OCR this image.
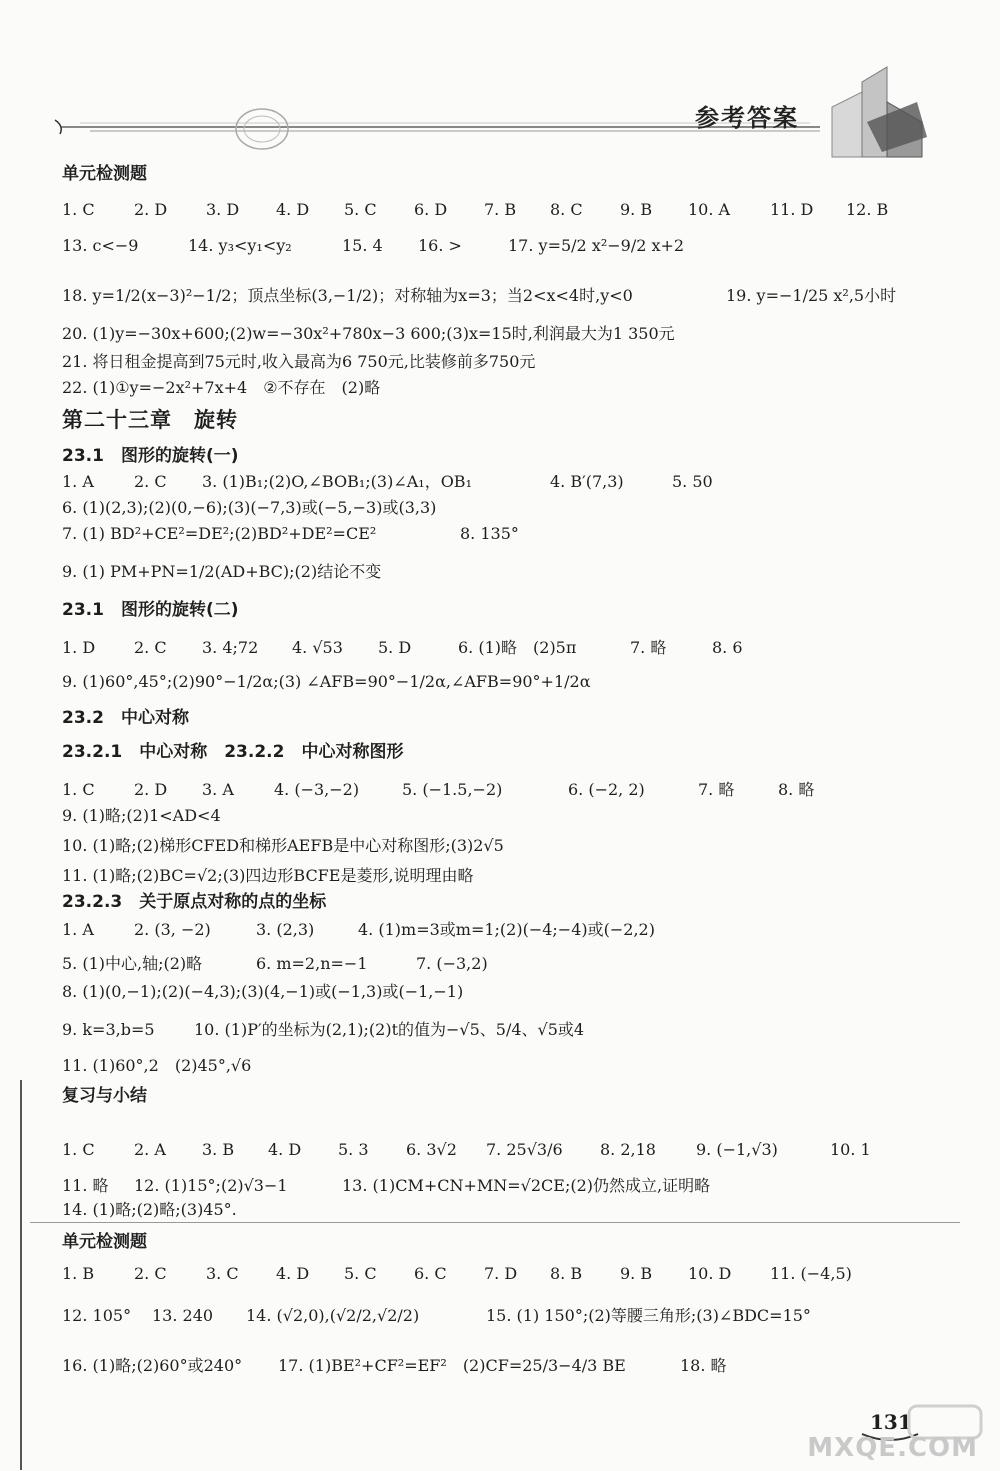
参考答案
单元检测题
1. C 2. D 3. D 4. D 5. C 6. D 7. B 8. C 9. B 10. A 11. D 12. B
13. c<−9	14. y₃<y₁<y₂	15. 4 16. >	17. y=5/2 x²−9/2 x+2
18. y=1/2(x−3)²−1/2；顶点坐标(3,−1/2)；对称轴为x=3；当2<x<4时,y<0	19. y=−1/25 x²,5小时
20. (1)y=−30x+600;(2)w=−30x²+780x−3 600;(3)x=15时,利润最大为1 350元
21. 将日租金提高到75元时,收入最高为6 750元,比装修前多750元
22. (1)①y=−2x²+7x+4　②不存在　(2)略
第二十三章　旋转
23.1　图形的旋转(一)
1. A	2. C 3. (1)B₁;(2)O,∠BOB₁;(3)∠A₁，OB₁	4. B′(7,3)	5. 50
6. (1)(2,3);(2)(0,−6);(3)(−7,3)或(−5,−3)或(3,3)
7. (1) BD²+CE²=DE²;(2)BD²+DE²=CE²	8. 135°
9. (1) PM+PN=1/2(AD+BC);(2)结论不变
23.1　图形的旋转(二)
1. D 2. C 3. 4;72 4. √53 5. D	6. (1)略　(2)5π	7. 略	8. 6
9. (1)60°,45°;(2)90°−1/2α;(3) ∠AFB=90°−1/2α,∠AFB=90°+1/2α
23.2　中心对称
23.2.1　中心对称　23.2.2　中心对称图形
1. C 2. D 3. A	4. (−3,−2)	5. (−1.5,−2)	6. (−2, 2)	7. 略	8. 略
9. (1)略;(2)1<AD<4
10. (1)略;(2)梯形CFED和梯形AEFB是中心对称图形;(3)2√5
11. (1)略;(2)BC=√2;(3)四边形BCFE是菱形,说明理由略
23.2.3　关于原点对称的点的坐标
1. A	2. (3, −2)	3. (2,3)	4. (1)m=3或m=1;(2)(−4;−4)或(−2,2)
5. (1)中心,轴;(2)略	6. m=2,n=−1	7. (−3,2)
8. (1)(0,−1);(2)(−4,3);(3)(4,−1)或(−1,3)或(−1,−1)
9. k=3,b=5 10. (1)P′的坐标为(2,1);(2)t的值为−√5、5/4、√5或4
11. (1)60°,2　(2)45°,√6
复习与小结
1. C 2. A 3. B 4. D 5. 3 6. 3√2 7. 25√3/6 8. 2,18	9. (−1,√3)	10. 1
11. 略 12. (1)15°;(2)√3−1	13. (1)CM+CN+MN=√2CE;(2)仍然成立,证明略
14. (1)略;(2)略;(3)45°.
单元检测题
1. B 2. C 3. C 4. D 5. C 6. C 7. D 8. B 9. B 10. D 11. (−4,5)
12. 105° 13. 240 14. (√2,0),(√2/2,√2/2)	15. (1) 150°;(2)等腰三角形;(3)∠BDC=15°
16. (1)略;(2)60°或240° 17. (1)BE²+CF²=EF²　(2)CF=25/3−4/3 BE	18. 略
131
MXQE.COM
